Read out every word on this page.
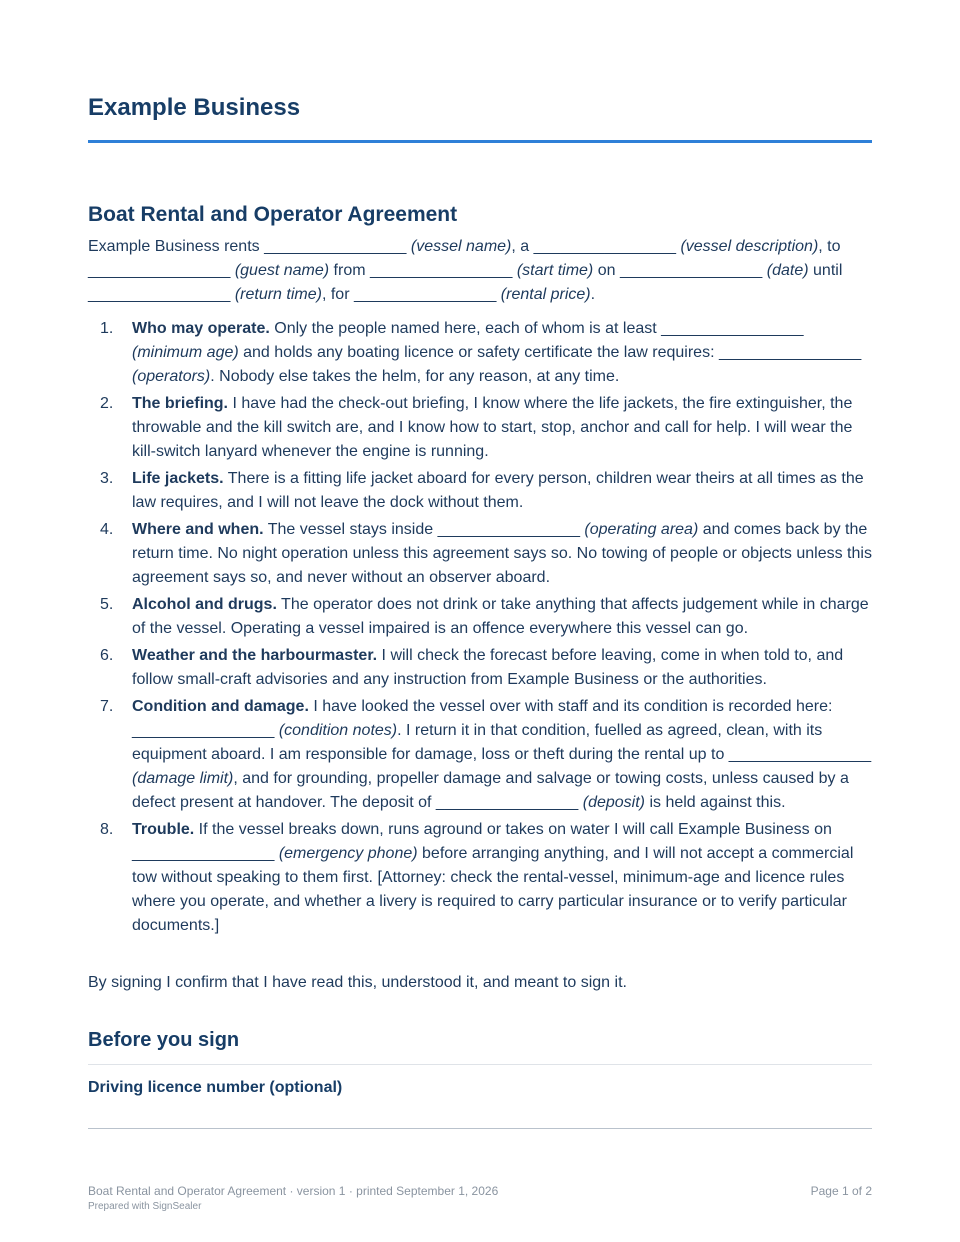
Example Business
Boat Rental and Operator Agreement

Example Business rents ________________ (vessel name), a ________________ (vessel description), to ________________ (guest name) from ________________ (start time) on ________________ (date) until ________________ (return time), for ________________ (rental price).

1. Who may operate. Only the people named here, each of whom is at least ________________ (minimum age) and holds any boating licence or safety certificate the law requires: ________________ (operators). Nobody else takes the helm, for any reason, at any time.
2. The briefing. I have had the check-out briefing, I know where the life jackets, the fire extinguisher, the throwable and the kill switch are, and I know how to start, stop, anchor and call for help. I will wear the kill-switch lanyard whenever the engine is running.
3. Life jackets. There is a fitting life jacket aboard for every person, children wear theirs at all times as the law requires, and I will not leave the dock without them.
4. Where and when. The vessel stays inside ________________ (operating area) and comes back by the return time. No night operation unless this agreement says so. No towing of people or objects unless this agreement says so, and never without an observer aboard.
5. Alcohol and drugs. The operator does not drink or take anything that affects judgement while in charge of the vessel. Operating a vessel impaired is an offence everywhere this vessel can go.
6. Weather and the harbourmaster. I will check the forecast before leaving, come in when told to, and follow small-craft advisories and any instruction from Example Business or the authorities.
7. Condition and damage. I have looked the vessel over with staff and its condition is recorded here: ________________ (condition notes). I return it in that condition, fuelled as agreed, clean, with its equipment aboard. I am responsible for damage, loss or theft during the rental up to ________________ (damage limit), and for grounding, propeller damage and salvage or towing costs, unless caused by a defect present at handover. The deposit of ________________ (deposit) is held against this.
8. Trouble. If the vessel breaks down, runs aground or takes on water I will call Example Business on ________________ (emergency phone) before arranging anything, and I will not accept a commercial tow without speaking to them first. [Attorney: check the rental-vessel, minimum-age and licence rules where you operate, and whether a livery is required to carry particular insurance or to verify particular documents.]

By signing I confirm that I have read this, understood it, and meant to sign it.

Before you sign
Driving licence number (optional)
Boat Rental and Operator Agreement · version 1 · printed September 1, 2026
Prepared with SignSealer
Page 1 of 2
